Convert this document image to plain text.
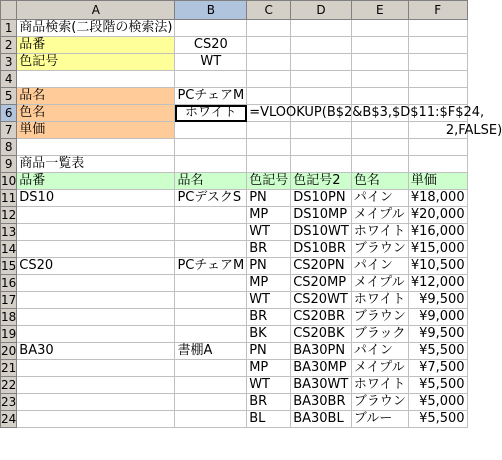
	A	B	C	D	E	F
1	商品検索(二段階の検索法)					
2	品番	CS20				
3	色記号	WT				
4						
5	品名	PCチェアM				
6	色名	ホワイト	=VLOOKUP(B$2&B$3,$D$11:$F$24,
2,FALSE)			

7	単価					
8						
9	商品一覧表					
10	品番	品名	色記号	色記号2	色名	単価
11	DS10	PCデスクS	PN	DS10PN	パイン	¥18,000
12			MP	DS10MP	メイプル	¥20,000
13			WT	DS10WT	ホワイト	¥16,000
14			BR	DS10BR	ブラウン	¥15,000
15	CS20	PCチェアM	PN	CS20PN	パイン	¥10,500
16			MP	CS20MP	メイプル	¥12,000
17			WT	CS20WT	ホワイト	¥9,500
18			BR	CS20BR	ブラウン	¥9,000
19			BK	CS20BK	ブラック	¥9,500
20	BA30	書棚A	PN	BA30PN	パイン	¥5,500
21			MP	BA30MP	メイプル	¥7,500
22			WT	BA30WT	ホワイト	¥5,500
23			BR	BA30BR	ブラウン	¥5,000
24			BL	BA30BL	ブルー	¥5,500
